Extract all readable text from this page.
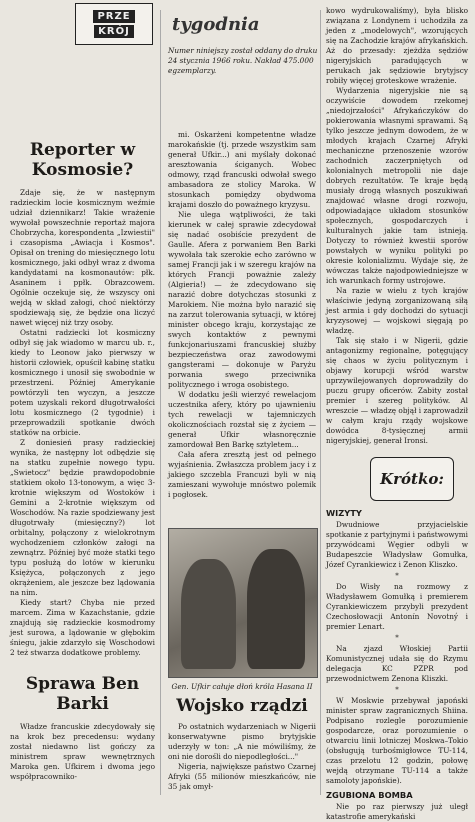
PRZE
KRÓJ tygodnia
Numer niniejszy został oddany do druku 24 stycznia 1966 roku. Nakład 475.000 egzemplarzy.
Reporter w Kosmosie?

Zdaje się, że w następnym radzieckim locie kosmicznym weźmie udział dziennikarz! Takie wrażenie wywołał powszechnie reportaż majora Chobrzycha, korespondenta „Izwiestii" i czasopisma „Awiacja i Kosmos". Opisał on trening do miesięcznego lotu kosmicznego, jaki odbył wraz z dwoma kandydatami na kosmonautów: płk. Asaninem i ppłk. Obrazcowem. Ogólnie oczekuje się, że wszyscy oni wejdą w skład załogi, choć niektórzy spodziewają się, że będzie ona liczyć nawet więcej niż trzy osoby.

Ostatni radziecki lot kosmiczny odbył się jak wiadomo w marcu ub. r., kiedy to Leonow jako pierwszy w historii człowiek, opuścił kabinę statku kosmicznego i unosił się swobodnie w przestrzeni. Później Amerykanie powtórzyli ten wyczyn, a jeszcze potem uzyskali rekord długotrwałości lotu kosmicznego (2 tygodnie) i przeprowadzili spotkanie dwóch statków na orbicie.

Z doniesień prasy radzieckiej wynika, że następny lot odbędzie się na statku zupełnie nowego typu. „Swietocz" będzie prawdopodobnie statkiem około 13-tonowym, a więc 3-krotnie większym od Wostoków i Gemini a 2-krotnie większym od Woschodów. Na razie spodziewany jest długotrwały (miesięczny?) lot orbitalny, połączony z wielokrotnym wychodzeniem członków załogi na zewnątrz. Później być może statki tego typu posłużą do lotów w kierunku Księżyca, połączonych z jego okrążeniem, ale jeszcze bez lądowania na nim.

Kiedy start? Chyba nie przed marcem. Zima w Kazachstanie, gdzie znajdują się radzieckie kosmodromy jest surowa, a lądowanie w głębokim śniegu, jakie zdarzyło się Woschodowi 2 też stwarza dodatkowe problemy.

Sprawa Ben Barki

Władze francuskie zdecydowały się na krok bez precedensu: wydany został niedawno list gończy za ministrem spraw wewnętrznych Maroka gen. Ufkirem i dwoma jego współpracowniko-

mi. Oskarżeni kompetentne władze marokańskie (tj. przede wszystkim sam generał Ufkir...) ani myślały dokonać aresztowania ściganych. Wobec odmowy, rząd francuski odwołał swego ambasadora ze stolicy Maroka. W stosunkach pomiędzy obydwoma krajami doszło do poważnego kryzysu.

Nie ulega wątpliwości, że taki kierunek w całej sprawie zdecydował się nadać osobiście prezydent de Gaulle. Afera z porwaniem Ben Barki wywołała tak szerokie echo zarówno w samej Francji jak i w szeregu krajów na których Francji poważnie zależy (Algieria!) — że zdecydowano się narazić dobre dotychczas stosunki z Marokiem. Nie można było narazić się na zarzut tolerowania sytuacji, w której minister obcego kraju, korzystając ze swych kontaktów z pewnymi funkcjonariuszami francuskiej służby bezpieczeństwa oraz zawodowymi gangsterami — dokonuje w Paryżu porwania swego przeciwnika politycznego i wroga osobistego.

W dodatku jeśli wierzyć rewelacjom uczestnika afery, który po ujawnieniu tych rewelacji w tajemniczych okolicznościach rozstał się z życiem — generał Ufkir własnoręcznie zamordował Ben Barkę sztyletem...

Cała afera zresztą jest od pełnego wyjaśnienia. Zwłaszcza problem jacy i z jakiego szczebla Francuzi byli w nią zamieszani wywołuje mnóstwo polemik i pogłosek.

Gen. Ufkir całuje dłoń króla Hasana II
Wojsko rządzi

Po ostatnich wydarzeniach w Nigerii konserwatywne pismo brytyjskie uderzyły w ton: „A nie mówiliśmy, że oni nie dorośli do niepodległości..."

Nigeria, największe państwo Czarnej Afryki (55 milionów mieszkańców, nie 35 jak omył-

kowo wydrukowaliśmy), była blisko związana z Londynem i uchodziła za jeden z „modelowych", wzorujących się na Zachodzie krajów afrykańskich. Aż do przesady: zjeżdża sędziów nigeryjskich paradujących w perukach jak sędziowie brytyjscy robiły więcej groteskowe wrażenie.

Wydarzenia nigeryjskie nie są oczywiście dowodem rzekomej „niedojrzałości" Afrykańczyków do pokierowania własnymi sprawami. Są tylko jeszcze jednym dowodem, że w młodych krajach Czarnej Afryki mechaniczne przenoszenie wzorów zachodnich zaczerpniętych od kolonialnych metropolii nie daje dobrych rezultatów. Te kraje będą musiały drogą własnych poszukiwań znajdować własne drogi rozwoju, odpowiadające układom stosunków społecznych, gospodarczych i kulturalnych jakie tam istnieją. Dotyczy to również kwestii sporów powstałych w wyniku polityki po okresie kolonializmu. Wydaje się, że wówczas także najodpowiedniejsze w ich warunkach formy ustrojowe.

Na razie w wielu z tych krajów właściwie jedyną zorganizowaną siłą jest armia i gdy dochodzi do sytuacji kryzysowej — wojskowi sięgają po władzę.

Tak się stało i w Nigerii, gdzie antagonizmy regionalne, potęgujący się chaos w życiu politycznym i objawy korupcji wśród warstw uprzywilejowanych doprowadziły do puczu grupy oficerów. Zabity został premier i szereg polityków. Al wreszcie — władzę objął i zaprowadził w całym kraju rządy wojskowe dowódca 8-tysięcznej armii nigeryjskiej, generał Ironsi.

Krótko:
WIZYTY

Dwudniowe przyjacielskie spotkanie z partyjnymi i państwowymi przywódcami Węgier odbyli w Budapeszcie Władysław Gomułka, Józef Cyrankiewicz i Zenon Kliszko.

*

Do Wisły na rozmowy z Władysławem Gomułką i premierem Cyrankiewiczem przybyli prezydent Czechosłowacji Antonín Novotný i premier Lenart.

*

Na zjazd Włoskiej Partii Komunistycznej udała się do Rzymu delegacja KC PZPR pod przewodnictwem Zenona Kliszki.

*

W Moskwie przebywał japoński minister spraw zagranicznych Shiina. Podpisano rozlegle porozumienie gospodarcze, oraz porozumienie o otwarciu linii lotniczej Moskwa–Tokio (obsługują turbośmigłowce TU-114, czas przelotu 12 godzin, połowę wejdą otrzymane TU-114 a także samoloty japońskie).

ZGUBIONA BOMBA

Nie po raz pierwszy już uległ katastrofie amerykański
